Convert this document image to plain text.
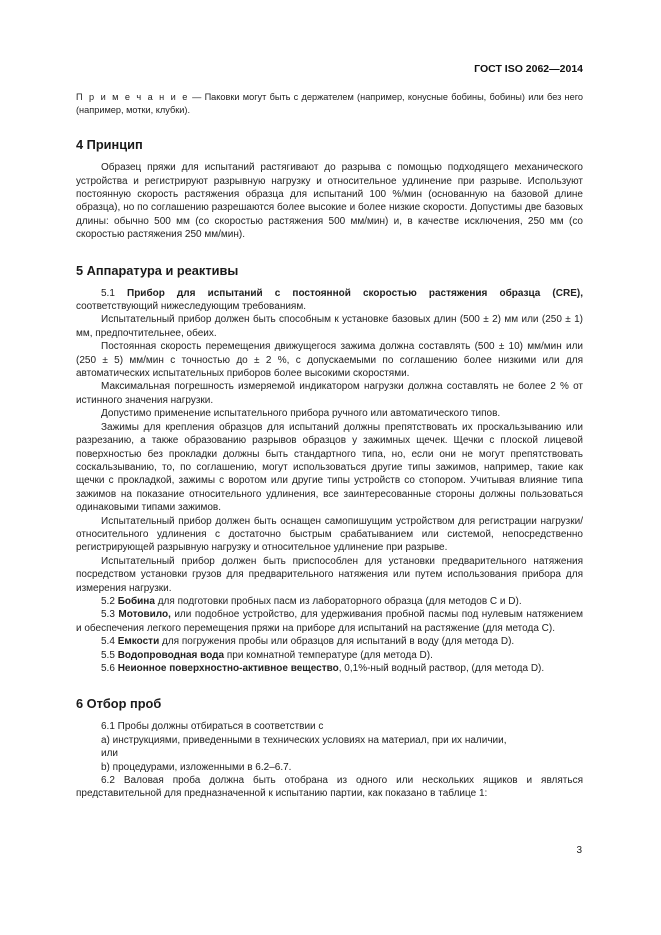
ГОСТ ISO 2062—2014

П р и м е ч а н и е — Паковки могут быть с держателем (например, конусные бобины, бобины) или без него (например, мотки, клубки).

4 Принцип

Образец пряжи для испытаний растягивают до разрыва с помощью подходящего механического устройства и регистрируют разрывную нагрузку и относительное удлинение при разрыве. Используют постоянную скорость растяжения образца для испытаний 100 %/мин (основанную на базовой длине образца), но по соглашению разрешаются более высокие и более низкие скорости. Допустимы две базовых длины: обычно 500 мм (со скоростью растяжения 500 мм/мин) и, в качестве исключения, 250 мм (со скоростью растяжения 250 мм/мин).

5 Аппаратура и реактивы

5.1 Прибор для испытаний с постоянной скоростью растяжения образца (CRE), соответствующий нижеследующим требованиям.

Испытательный прибор должен быть способным к установке базовых длин (500 ± 2) мм или (250 ± 1) мм, предпочтительнее, обеих.

Постоянная скорость перемещения движущегося зажима должна составлять (500 ± 10) мм/мин или (250 ± 5) мм/мин с точностью до ± 2 %, с допускаемыми по соглашению более низкими или для автоматических испытательных приборов более высокими скоростями.

Максимальная погрешность измеряемой индикатором нагрузки должна составлять не более 2 % от истинного значения нагрузки.

Допустимо применение испытательного прибора ручного или автоматического типов.

Зажимы для крепления образцов для испытаний должны препятствовать их проскальзыванию или разрезанию, а также образованию разрывов образцов у зажимных щечек. Щечки с плоской лицевой поверхностью без прокладки должны быть стандартного типа, но, если они не могут препятствовать соскальзыванию, то, по соглашению, могут использоваться другие типы зажимов, например, такие как щечки с прокладкой, зажимы с воротом или другие типы устройств со стопором. Учитывая влияние типа зажимов на показание относительного удлинения, все заинтересованные стороны должны пользоваться одинаковыми типами зажимов.

Испытательный прибор должен быть оснащен самопишущим устройством для регистрации нагрузки/относительного удлинения с достаточно быстрым срабатыванием или системой, непосредственно регистрирующей разрывную нагрузку и относительное удлинение при разрыве.

Испытательный прибор должен быть приспособлен для установки предварительного натяжения посредством установки грузов для предварительного натяжения или путем использования прибора для измерения нагрузки.

5.2 Бобина для подготовки пробных пасм из лабораторного образца (для методов С и D).

5.3 Мотовило, или подобное устройство, для удерживания пробной пасмы под нулевым натяжением и обеспечения легкого перемещения пряжи на приборе для испытаний на растяжение (для метода С).

5.4 Емкости для погружения пробы или образцов для испытаний в воду (для метода D).

5.5 Водопроводная вода при комнатной температуре (для метода D).

5.6 Неионное поверхностно-активное вещество, 0,1%-ный водный раствор, (для метода D).

6 Отбор проб

6.1 Пробы должны отбираться в соответствии с

а) инструкциями, приведенными в технических условиях на материал, при их наличии,

или

b) процедурами, изложенными в 6.2–6.7.

6.2 Валовая проба должна быть отобрана из одного или нескольких ящиков и являться представительной для предназначенной к испытанию партии, как показано в таблице 1:

3
